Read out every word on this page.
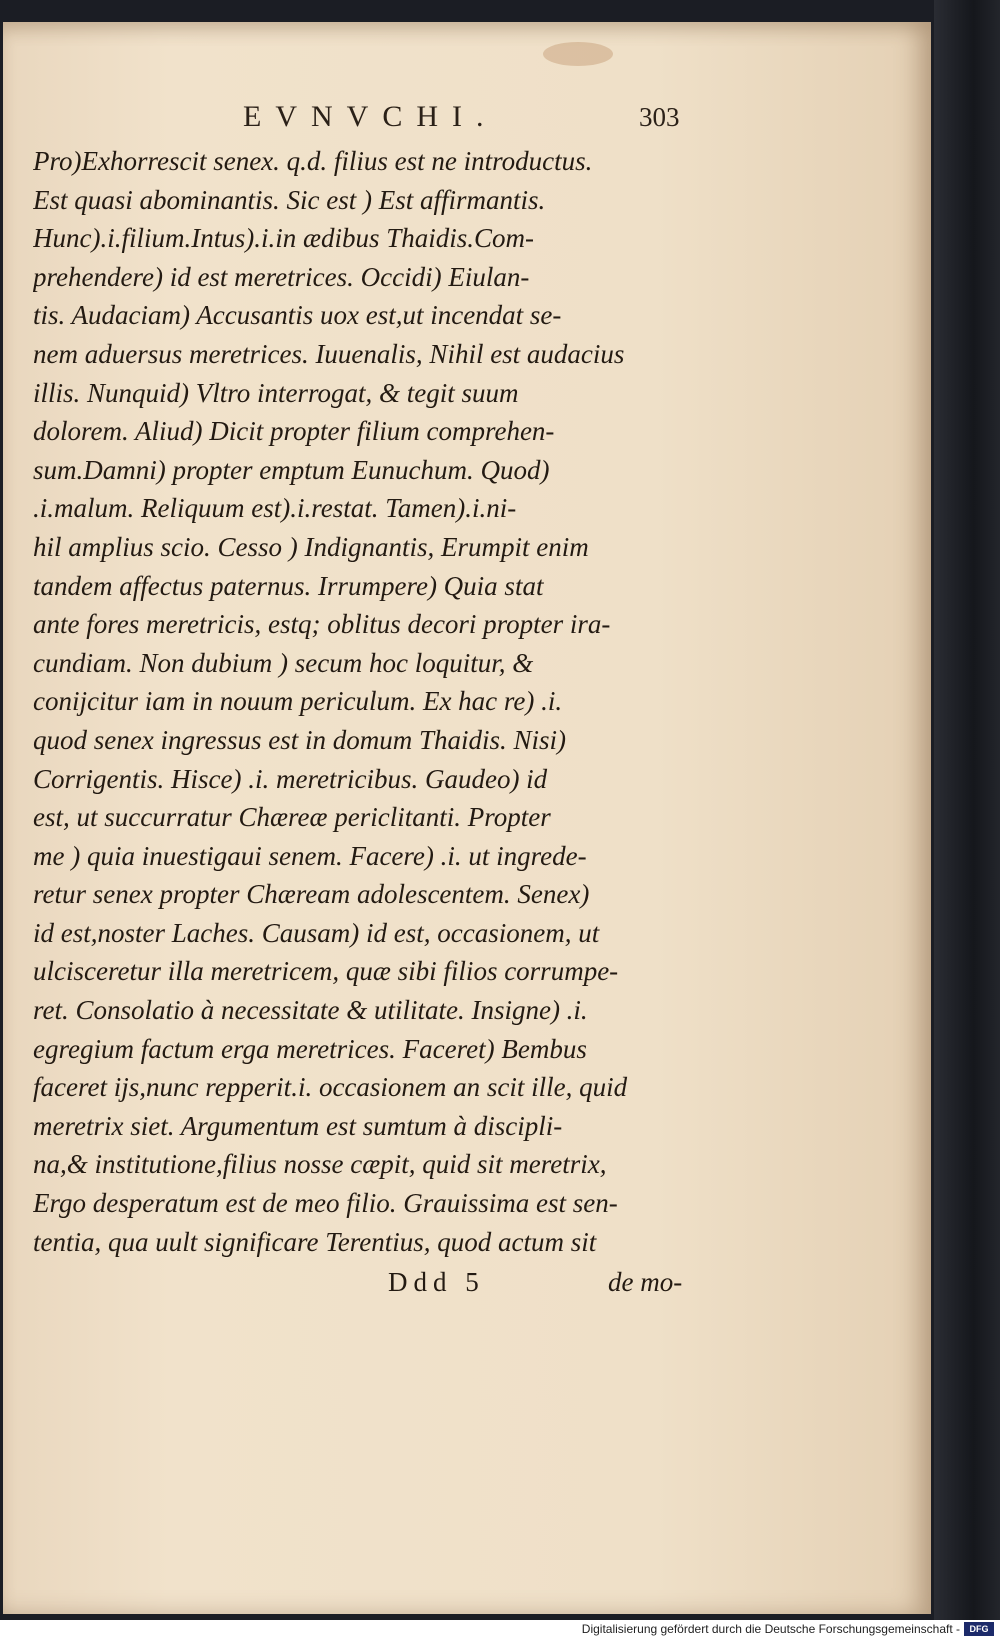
EVNVCHI.	303
Pro)Exhorrescit senex. q.d. filius est ne introductus.
Est quasi abominantis. Sic est ) Est affirmantis.
Hunc).i.filium.Intus).i.in ædibus Thaidis.Com-
prehendere) id est meretrices. Occidi) Eiulan-
tis. Audaciam) Accusantis uox est,ut incendat se-
nem aduersus meretrices. Iuuenalis, Nihil est audacius
illis. Nunquid) Vltro interrogat, & tegit suum
dolorem. Aliud) Dicit propter filium comprehen-
sum.Damni) propter emptum Eunuchum. Quod)
.i.malum. Reliquum est).i.restat. Tamen).i.ni-
hil amplius scio. Cesso ) Indignantis, Erumpit enim
tandem affectus paternus. Irrumpere) Quia stat
ante fores meretricis, estq; oblitus decori propter ira-
cundiam. Non dubium ) secum hoc loquitur, &
conijcitur iam in nouum periculum. Ex hac re) .i.
quod senex ingressus est in domum Thaidis. Nisi)
Corrigentis. Hisce) .i. meretricibus. Gaudeo) id
est, ut succurratur Chæreæ periclitanti. Propter
me ) quia inuestigaui senem. Facere) .i. ut ingrede-
retur senex propter Chæream adolescentem. Senex)
id est,noster Laches. Causam) id est, occasionem, ut
ulcisceretur illa meretricem, quæ sibi filios corrumpe-
ret. Consolatio à necessitate & utilitate. Insigne) .i.
egregium factum erga meretrices. Faceret) Bembus
faceret ijs,nunc repperit.i. occasionem an scit ille, quid
meretrix siet. Argumentum est sumtum à discipli-
na,& institutione,filius nosse cæpit, quid sit meretrix,
Ergo desperatum est de meo filio. Grauissima est sen-
tentia, qua uult significare Terentius, quod actum sit
Ddd 5	de mo-
Digitalisierung gefördert durch die Deutsche Forschungsgemeinschaft -	DFG
